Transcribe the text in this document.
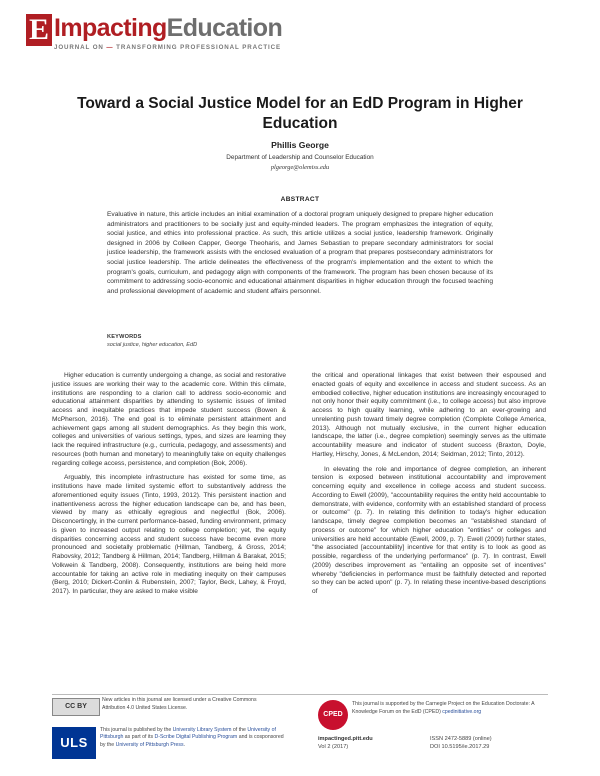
E ImpactingEducation
JOURNAL ON — TRANSFORMING PROFESSIONAL PRACTICE
Toward a Social Justice Model for an EdD Program in Higher Education
Phillis George
Department of Leadership and Counselor Education
plgeorge@olemiss.edu
ABSTRACT
Evaluative in nature, this article includes an initial examination of a doctoral program uniquely designed to prepare higher education administrators and practitioners to be socially just and equity-minded leaders. The program emphasizes the integration of equity, social justice, and ethics into professional practice. As such, this article utilizes a social justice, leadership framework. Originally designed in 2006 by Colleen Capper, George Theoharis, and James Sebastian to prepare secondary administrators for social justice leadership, the framework assists with the enclosed evaluation of a program that prepares postsecondary administrators for social justice leadership. The article delineates the effectiveness of the program's implementation and the extent to which the program's goals, curriculum, and pedagogy align with components of the framework. The program has been chosen because of its commitment to addressing socio-economic and educational attainment disparities in higher education through the focused teaching and professional development of academic and student affairs personnel.
KEYWORDS
social justice, higher education, EdD

Higher education is currently undergoing a change, as social and restorative justice issues are working their way to the academic core. Within this climate, institutions are responding to a clarion call to address socio-economic and educational attainment disparities by attending to systemic issues of limited access and inequitable practices that impede student success (Bowen & McPherson, 2016). The end goal is to eliminate persistent attainment and achievement gaps among all student demographics. As they begin this work, colleges and universities of various settings, types, and sizes are learning they lack the required infrastructure (e.g., curricula, pedagogy, and assessments) and resources (both human and monetary) to meaningfully take on equity challenges regarding college access, persistence, and completion (Bok, 2006).

Arguably, this incomplete infrastructure has existed for some time, as institutions have made limited systemic effort to substantively address the aforementioned equity issues (Tinto, 1993, 2012). This persistent inaction and inattentiveness across the higher education landscape can be, and has been, viewed by many as ethically egregious and neglectful (Bok, 2006). Disconcertingly, in the current performance-based, funding environment, primacy is given to increased output relating to college completion; yet, the equity disparities concerning access and student success have become even more pronounced and societally problematic (Hillman, Tandberg, & Gross, 2014; Rabovsky, 2012; Tandberg & Hillman, 2014; Tandberg, Hillman & Barakat, 2015; Volkwein & Tandberg, 2008). Consequently, institutions are being held more accountable for taking an active role in mediating inequity on their campuses (Berg, 2010; Dickert-Conlin & Rubenstein, 2007; Taylor, Beck, Lahey, & Froyd, 2017). In particular, they are asked to make visible

the critical and operational linkages that exist between their espoused and enacted goals of equity and excellence in access and student success. As an embodied collective, higher education institutions are increasingly encouraged to not only honor their equity commitment (i.e., to college access) but also improve access to high quality learning, while adhering to an ever-growing and unrelenting push toward timely degree completion (Complete College America, 2013). Although not mutually exclusive, in the current higher education landscape, the latter (i.e., degree completion) seemingly serves as the ultimate accountability measure and indicator of student success (Braxton, Doyle, Hartley, Hirschy, Jones, & McLendon, 2014; Seidman, 2012; Tinto, 2012).

In elevating the role and importance of degree completion, an inherent tension is exposed between institutional accountability and improvement concerning equity and excellence in college access and student success. According to Ewell (2009), "accountability requires the entity held accountable to demonstrate, with evidence, conformity with an established standard of process or outcome" (p. 7). In relating this definition to today's higher education landscape, timely degree completion becomes an "established standard of process or outcome" for which higher education "entities" or colleges and universities are held accountable (Ewell, 2009, p. 7). Ewell (2009) further states, "the associated [accountability] incentive for that entity is to look as good as possible, regardless of the underlying performance" (p. 7). In contrast, Ewell (2009) describes improvement as "entailing an opposite set of incentives" whereby "deficiencies in performance must be faithfully detected and reported so they can be acted upon" (p. 7). In relating these incentive-based descriptions of

CC BY
New articles in this journal are licensed under a Creative Commons Attribution 4.0 United States License.
ULS
This journal is published by the University Library System of the University of Pittsburgh as part of its D-Scribe Digital Publishing Program and is cosponsored by the University of Pittsburgh Press.
CPED
This journal is supported by the Carnegie Project on the Education Doctorate: A Knowledge Forum on the EdD (CPED) cpedinitiative.org
impactinged.pitt.edu
Vol 2 (2017)
ISSN 2472-5889 (online)
DOI 10.5195/ie.2017.29
